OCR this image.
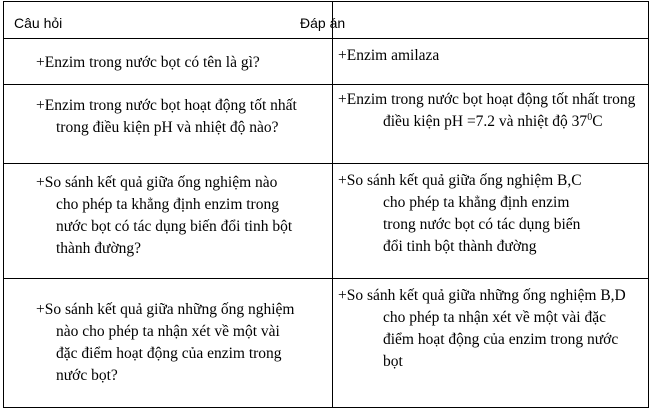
Câu hỏi	Đáp án

+Enzim trong nước bọt có tên là gì?	+Enzim amilaza

+Enzim trong nước bọt hoạt động tốt nhất trong điều kiện pH và nhiệt độ nào?	+Enzim trong nước bọt hoạt động tốt nhất trong điều kiện pH =7.2 và nhiệt độ $37^0C$

+So sánh kết quả giữa ống nghiệm nào cho phép ta khẳng định enzim trong nước bọt có tác dụng biến đổi tinh bột thành đường?	+So sánh kết quả giữa ống nghiệm B,C cho phép ta khẳng định enzim trong nước bọt có tác dụng biến đổi tinh bột thành đường

+So sánh kết quả giữa những ống nghiệm nào cho phép ta nhận xét về một vài đặc điểm hoạt động của enzim trong nước bọt?	+So sánh kết quả giữa những ống nghiệm B,D cho phép ta nhận xét về một vài đặc điểm hoạt động của enzim trong nước bọt
